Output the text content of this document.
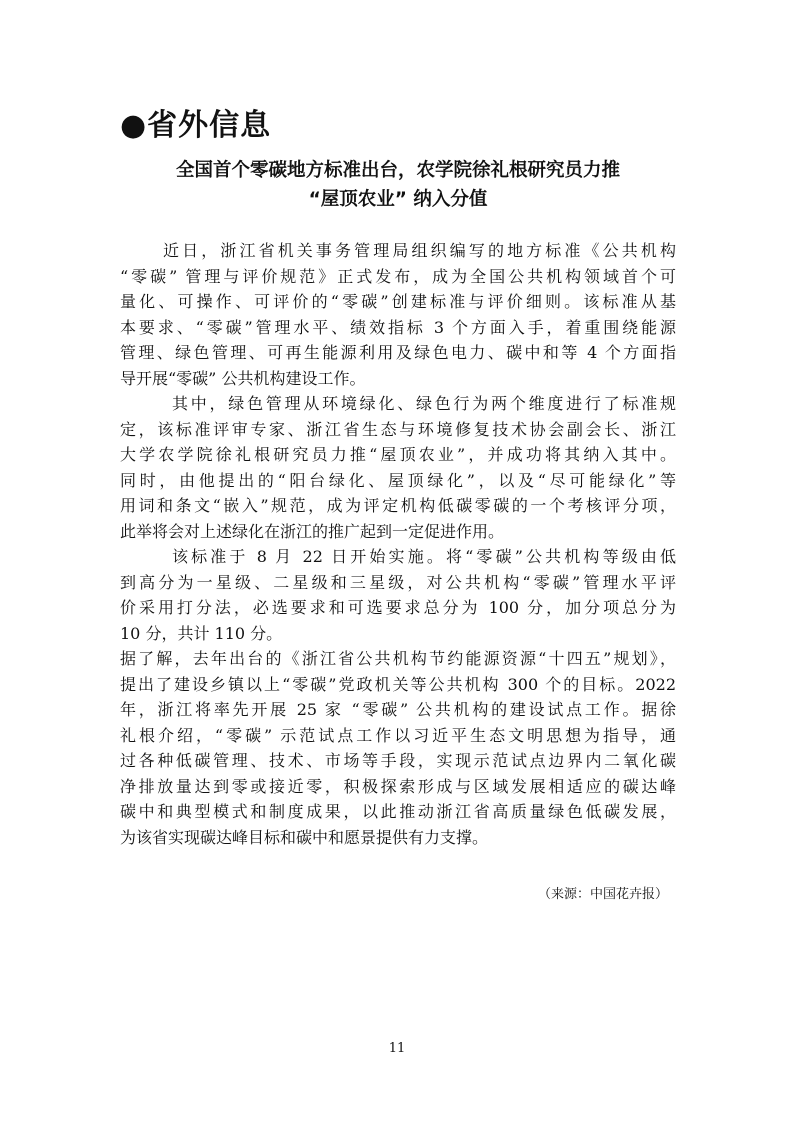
●省外信息
全国首个零碳地方标准出台，农学院徐礼根研究员力推
“屋顶农业” 纳入分值
近日，浙江省机关事务管理局组织编写的地方标准《公共机构
“零碳” 管理与评价规范》正式发布，成为全国公共机构领域首个可
量化、可操作、可评价的“零碳”创建标准与评价细则。该标准从基
本要求、“零碳”管理水平、绩效指标 3 个方面入手，着重围绕能源
管理、绿色管理、可再生能源利用及绿色电力、碳中和等 4 个方面指
导开展“零碳” 公共机构建设工作。
其中，绿色管理从环境绿化、绿色行为两个维度进行了标准规
定，该标准评审专家、浙江省生态与环境修复技术协会副会长、浙江
大学农学院徐礼根研究员力推“屋顶农业”，并成功将其纳入其中。
同时，由他提出的“阳台绿化、屋顶绿化”，以及“尽可能绿化”等
用词和条文“嵌入”规范，成为评定机构低碳零碳的一个考核评分项，
此举将会对上述绿化在浙江的推广起到一定促进作用。
该标准于 8 月 22 日开始实施。将“零碳”公共机构等级由低
到高分为一星级、二星级和三星级，对公共机构“零碳”管理水平评
价采用打分法，必选要求和可选要求总分为 100 分，加分项总分为
10 分，共计 110 分。
据了解，去年出台的《浙江省公共机构节约能源资源“十四五”规划》，
提出了建设乡镇以上“零碳”党政机关等公共机构 300 个的目标。2022
年，浙江将率先开展 25 家 “零碳” 公共机构的建设试点工作。据徐
礼根介绍，“零碳” 示范试点工作以习近平生态文明思想为指导，通
过各种低碳管理、技术、市场等手段，实现示范试点边界内二氧化碳
净排放量达到零或接近零，积极探索形成与区域发展相适应的碳达峰
碳中和典型模式和制度成果，以此推动浙江省高质量绿色低碳发展，
为该省实现碳达峰目标和碳中和愿景提供有力支撑。
（来源：中国花卉报）
11
